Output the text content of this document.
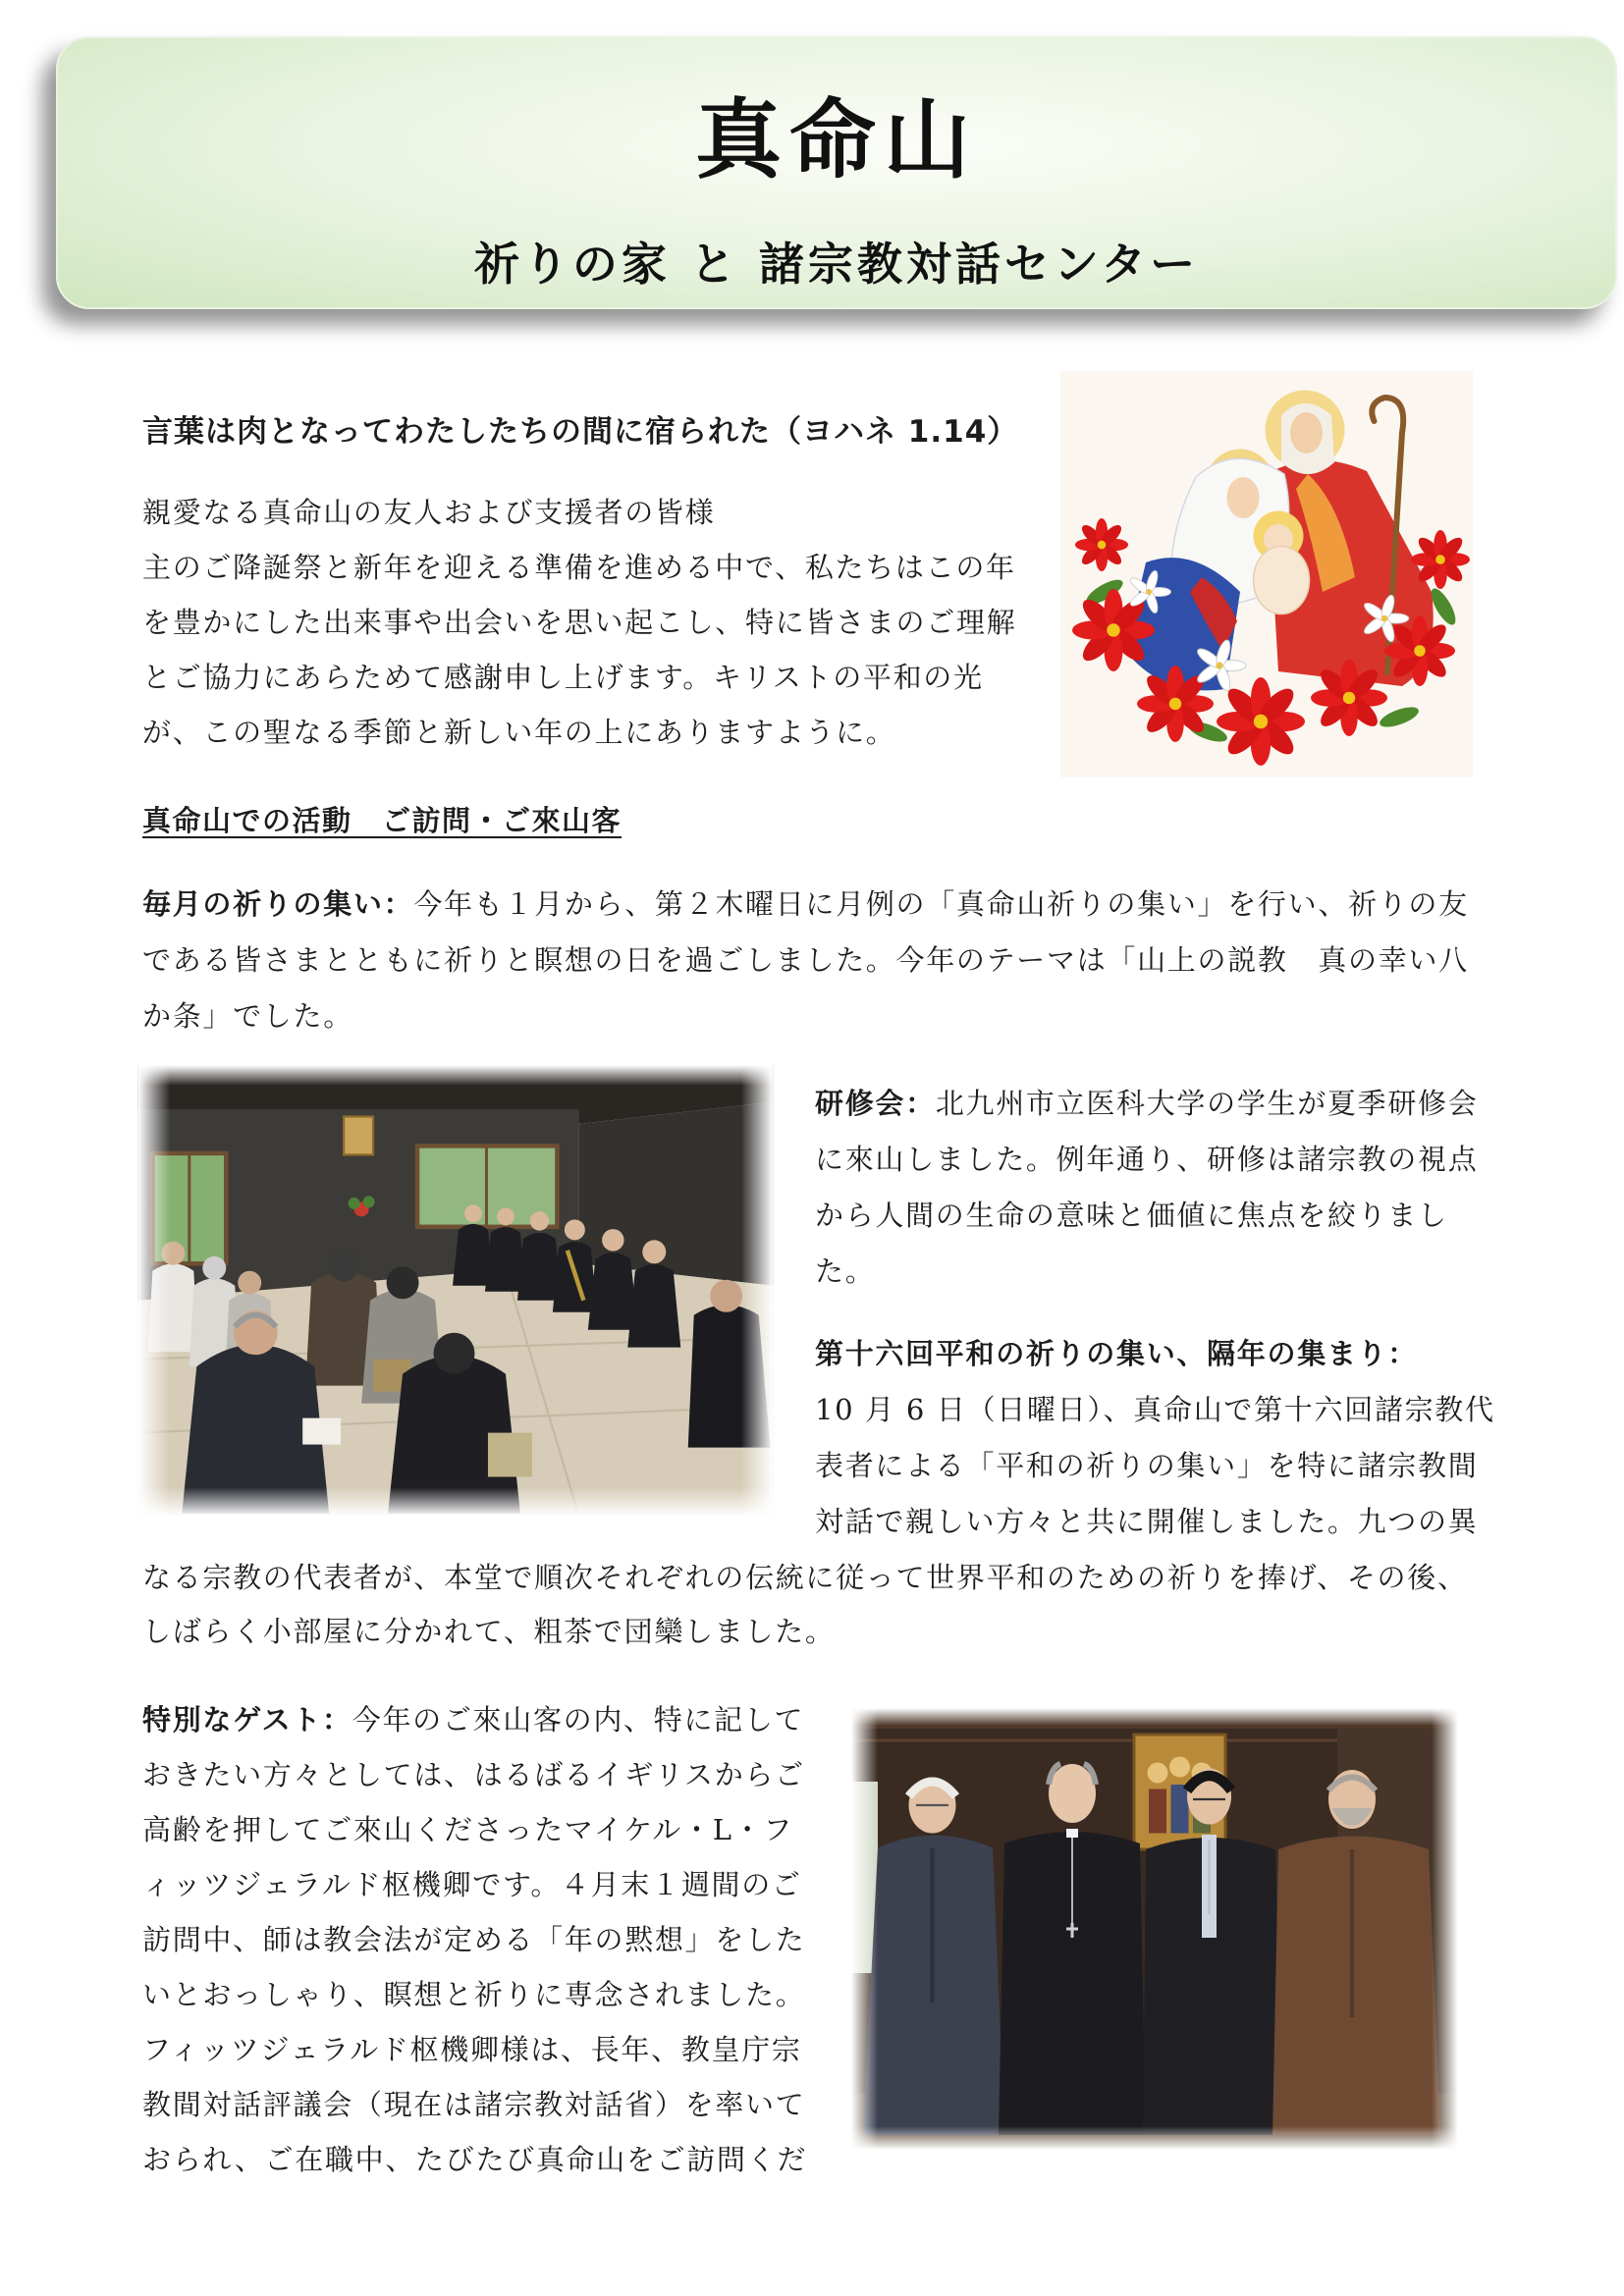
真命山
祈りの家 と 諸宗教対話センター
言葉は肉となってわたしたちの間に宿られた（ヨハネ 1.14）
親愛なる真命山の友人および支援者の皆様
主のご降誕祭と新年を迎える準備を進める中で、私たちはこの年
を豊かにした出来事や出会いを思い起こし、特に皆さまのご理解
とご協力にあらためて感謝申し上げます。キリストの平和の光
が、この聖なる季節と新しい年の上にありますように。
真命山での活動　ご訪問・ご來山客
毎月の祈りの集い：今年も１月から、第２木曜日に月例の「真命山祈りの集い」を行い、祈りの友
である皆さまとともに祈りと瞑想の日を過ごしました。今年のテーマは「山上の説教　真の幸い八
か条」でした。
研修会：北九州市立医科大学の学生が夏季研修会
に來山しました。例年通り、研修は諸宗教の視点
から人間の生命の意味と価値に焦点を絞りまし
た。
第十六回平和の祈りの集い、隔年の集まり：
10 月 6 日（日曜日）、真命山で第十六回諸宗教代
表者による「平和の祈りの集い」を特に諸宗教間
対話で親しい方々と共に開催しました。九つの異
なる宗教の代表者が、本堂で順次それぞれの伝統に従って世界平和のための祈りを捧げ、その後、
しばらく小部屋に分かれて、粗茶で団欒しました。
特別なゲスト：今年のご來山客の内、特に記して
おきたい方々としては、はるばるイギリスからご
高齢を押してご來山くださったマイケル・L・フ
ィッツジェラルド枢機卿です。４月末１週間のご
訪問中、師は教会法が定める「年の黙想」をした
いとおっしゃり、瞑想と祈りに専念されました。
フィッツジェラルド枢機卿様は、長年、教皇庁宗
教間対話評議会（現在は諸宗教対話省）を率いて
おられ、ご在職中、たびたび真命山をご訪問くだ
